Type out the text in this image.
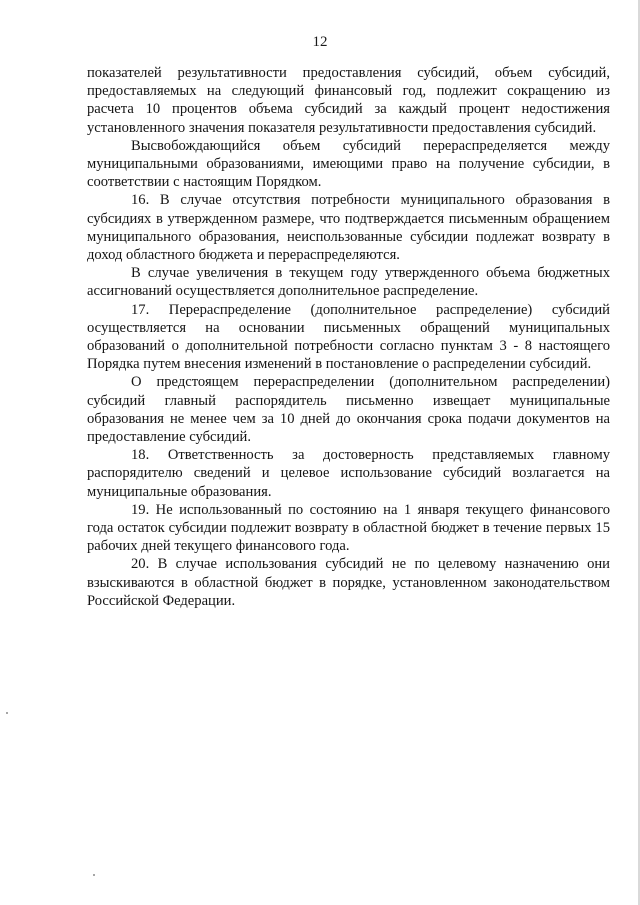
12

показателей результативности предоставления субсидий, объем субсидий, предоставляемых на следующий финансовый год, подлежит сокращению из расчета 10 процентов объема субсидий за каждый процент недостижения установленного значения показателя результативности предоставления субсидий.

Высвобождающийся объем субсидий перераспределяется между муниципальными образованиями, имеющими право на получение субсидии, в соответствии с настоящим Порядком.

16. В случае отсутствия потребности муниципального образования в субсидиях в утвержденном размере, что подтверждается письменным обращением муниципального образования, неиспользованные субсидии подлежат возврату в доход областного бюджета и перераспределяются.

В случае увеличения в текущем году утвержденного объема бюджетных ассигнований осуществляется дополнительное распределение.

17. Перераспределение (дополнительное распределение) субсидий осуществляется на основании письменных обращений муниципальных образований о дополнительной потребности согласно пунктам 3 - 8 настоящего Порядка путем внесения изменений в постановление о распределении субсидий.

О предстоящем перераспределении (дополнительном распределении) субсидий главный распорядитель письменно извещает муниципальные образования не менее чем за 10 дней до окончания срока подачи документов на предоставление субсидий.

18. Ответственность за достоверность представляемых главному распорядителю сведений и целевое использование субсидий возлагается на муниципальные образования.

19. Не использованный по состоянию на 1 января текущего финансового года остаток субсидии подлежит возврату в областной бюджет в течение первых 15 рабочих дней текущего финансового года.

20. В случае использования субсидий не по целевому назначению они взыскиваются в областной бюджет в порядке, установленном законодательством Российской Федерации.
